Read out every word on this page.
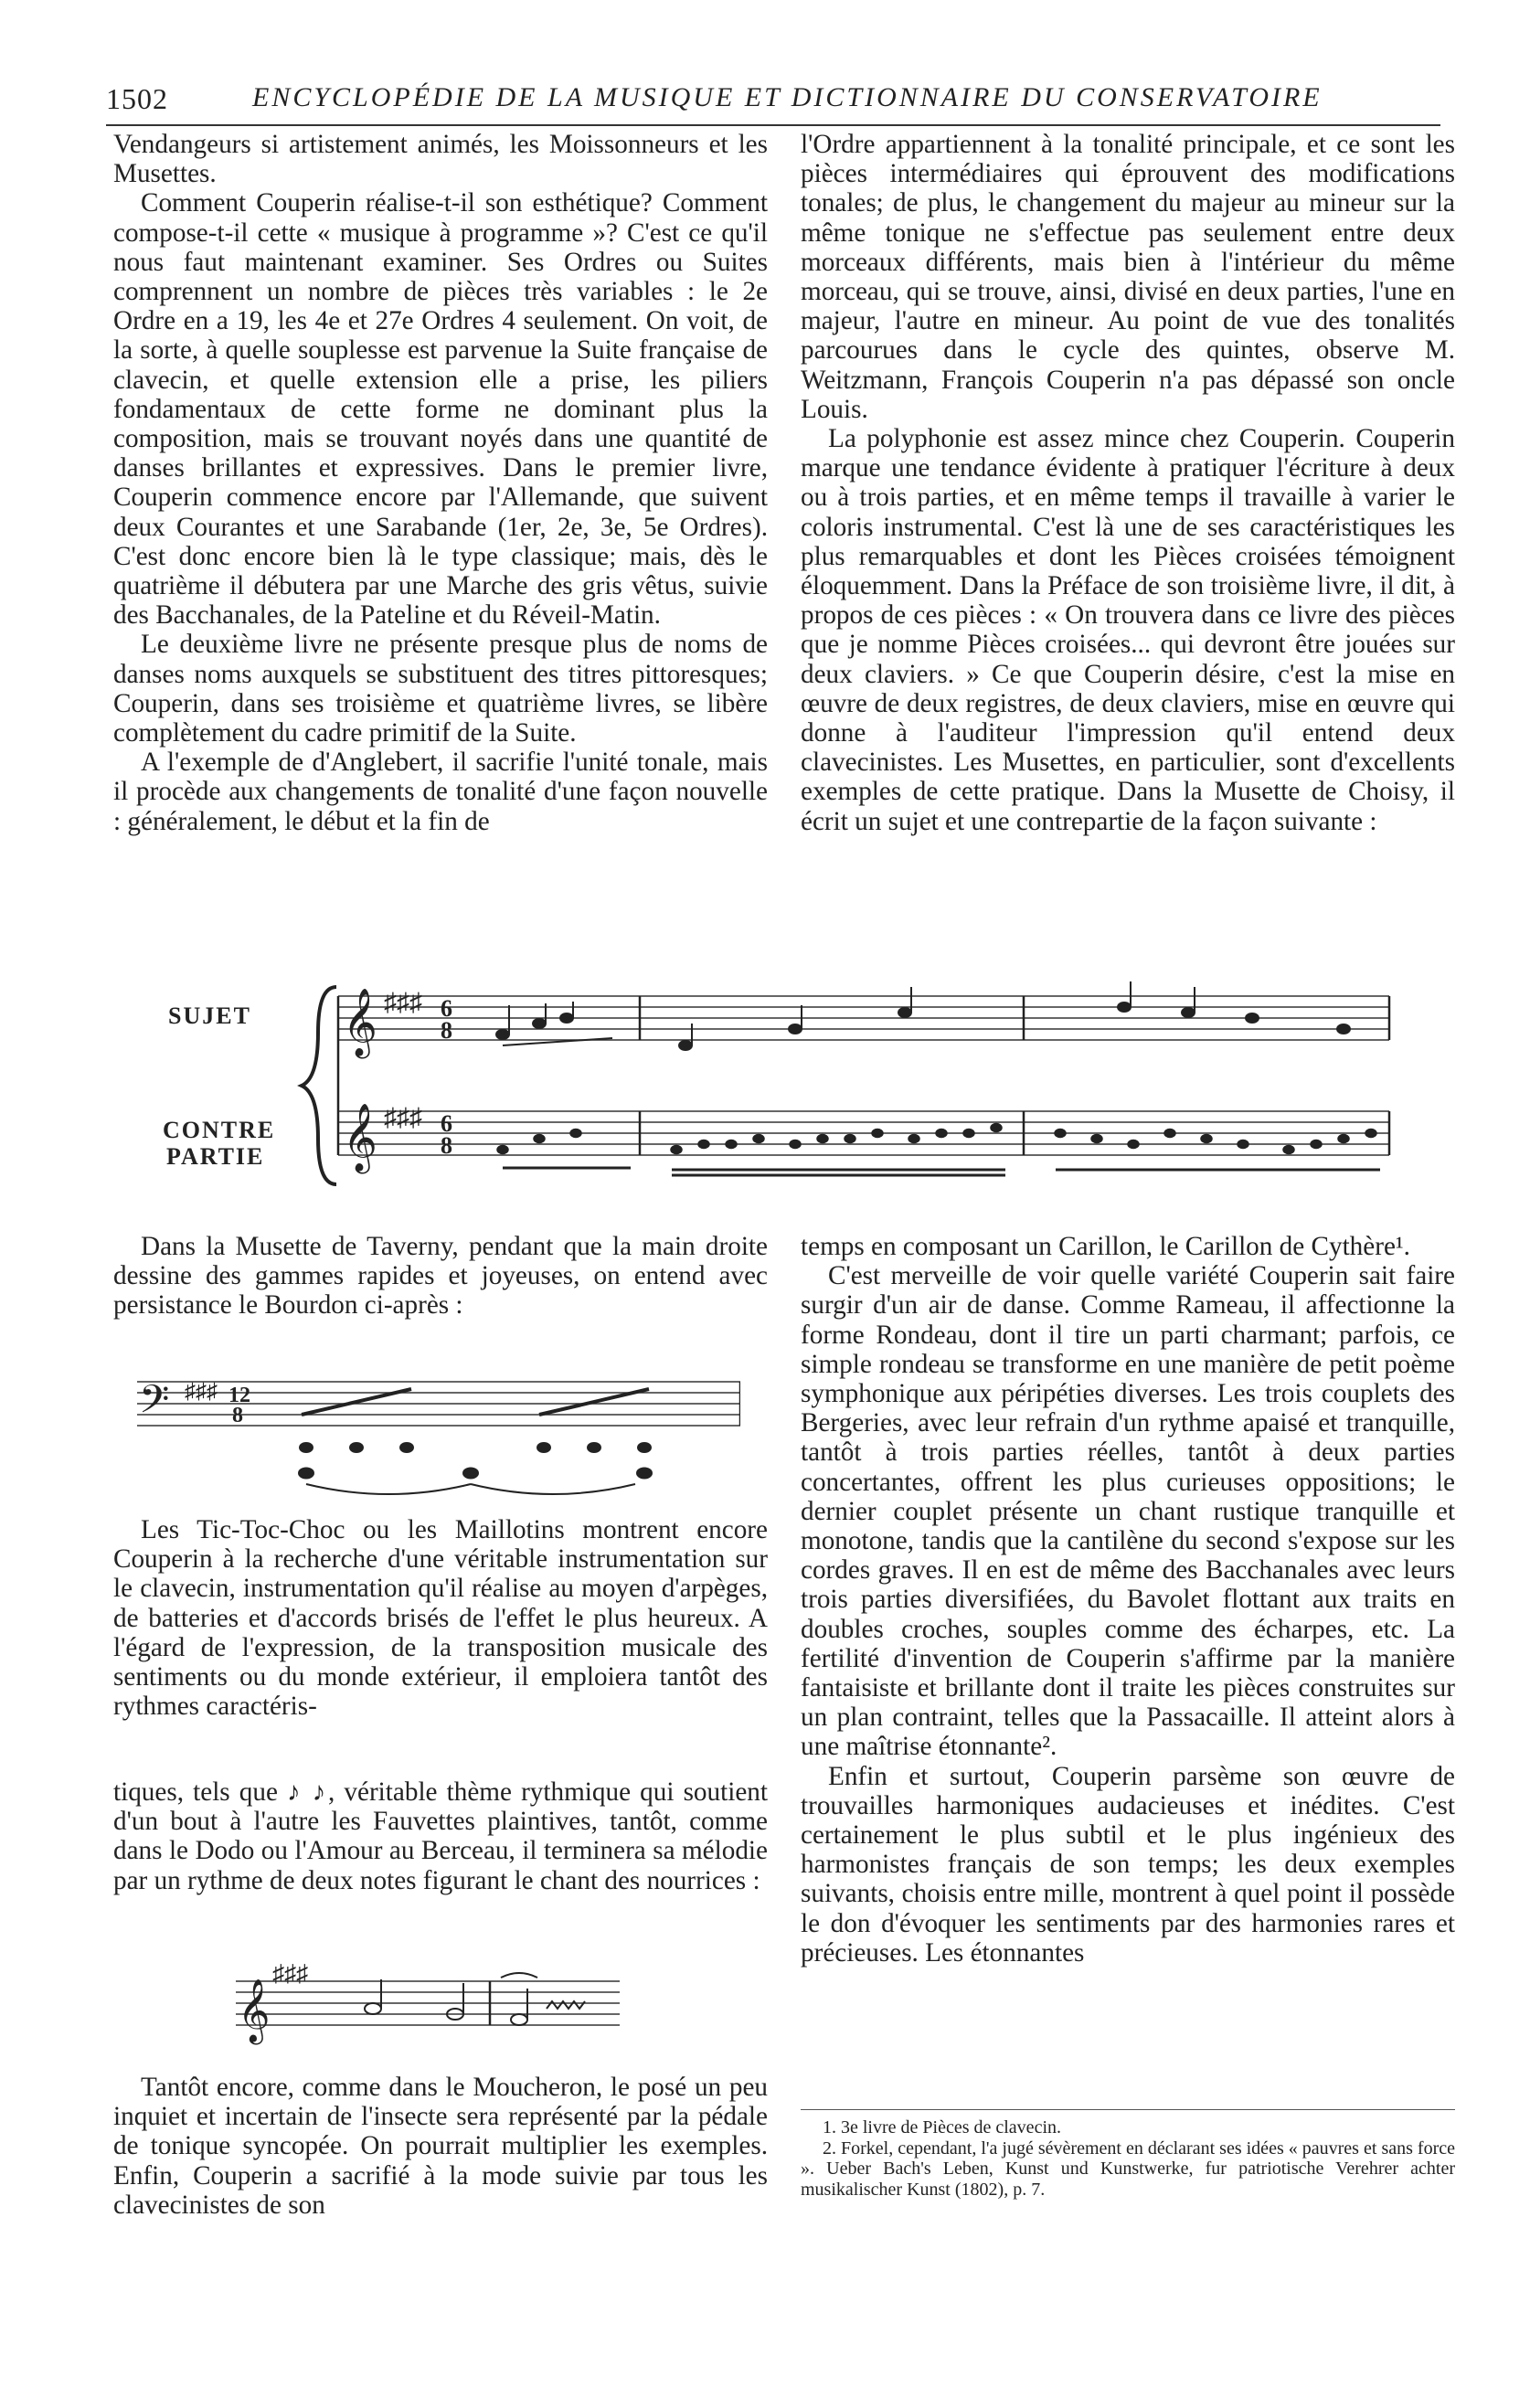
1502	ENCYCLOPÉDIE DE LA MUSIQUE ET DICTIONNAIRE DU CONSERVATOIRE

Vendangeurs si artistement animés, les Moissonneurs et les Musettes.

Comment Couperin réalise-t-il son esthétique? Comment compose-t-il cette « musique à programme »? C'est ce qu'il nous faut maintenant examiner. Ses Ordres ou Suites comprennent un nombre de pièces très variables : le 2e Ordre en a 19, les 4e et 27e Ordres 4 seulement. On voit, de la sorte, à quelle souplesse est parvenue la Suite française de clavecin, et quelle extension elle a prise, les piliers fondamentaux de cette forme ne dominant plus la composition, mais se trouvant noyés dans une quantité de danses brillantes et expressives. Dans le premier livre, Couperin commence encore par l'Allemande, que suivent deux Courantes et une Sarabande (1er, 2e, 3e, 5e Ordres). C'est donc encore bien là le type classique; mais, dès le quatrième il débutera par une Marche des gris vêtus, suivie des Bacchanales, de la Pateline et du Réveil-Matin.

Le deuxième livre ne présente presque plus de noms de danses noms auxquels se substituent des titres pittoresques; Couperin, dans ses troisième et quatrième livres, se libère complètement du cadre primitif de la Suite.

A l'exemple de d'Anglebert, il sacrifie l'unité tonale, mais il procède aux changements de tonalité d'une façon nouvelle : généralement, le début et la fin de

l'Ordre appartiennent à la tonalité principale, et ce sont les pièces intermédiaires qui éprouvent des modifications tonales; de plus, le changement du majeur au mineur sur la même tonique ne s'effectue pas seulement entre deux morceaux différents, mais bien à l'intérieur du même morceau, qui se trouve, ainsi, divisé en deux parties, l'une en majeur, l'autre en mineur. Au point de vue des tonalités parcourues dans le cycle des quintes, observe M. Weitzmann, François Couperin n'a pas dépassé son oncle Louis.

La polyphonie est assez mince chez Couperin. Couperin marque une tendance évidente à pratiquer l'écriture à deux ou à trois parties, et en même temps il travaille à varier le coloris instrumental. C'est là une de ses caractéristiques les plus remarquables et dont les Pièces croisées témoignent éloquemment. Dans la Préface de son troisième livre, il dit, à propos de ces pièces : « On trouvera dans ce livre des pièces que je nomme Pièces croisées... qui devront être jouées sur deux claviers. » Ce que Couperin désire, c'est la mise en œuvre de deux registres, de deux claviers, mise en œuvre qui donne à l'auditeur l'impression qu'il entend deux clavecinistes. Les Musettes, en particulier, sont d'excellents exemples de cette pratique. Dans la Musette de Choisy, il écrit un sujet et une contrepartie de la façon suivante :

SUJET
CONTRE
PARTIE
𝄞
𝄞
♯♯♯
♯♯♯
6
8
6
8

Dans la Musette de Taverny, pendant que la main droite dessine des gammes rapides et joyeuses, on entend avec persistance le Bourdon ci-après :

𝄢 ♯♯♯ 12
8

Les Tic-Toc-Choc ou les Maillotins montrent encore Couperin à la recherche d'une véritable instrumentation sur le clavecin, instrumentation qu'il réalise au moyen d'arpèges, de batteries et d'accords brisés de l'effet le plus heureux. A l'égard de l'expression, de la transposition musicale des sentiments ou du monde extérieur, il emploiera tantôt des rythmes caractéris-

tiques, tels que ♪ ♪, véritable thème rythmique qui soutient d'un bout à l'autre les Fauvettes plaintives, tantôt, comme dans le Dodo ou l'Amour au Berceau, il terminera sa mélodie par un rythme de deux notes figurant le chant des nourrices :

𝄞
♯♯♯

Tantôt encore, comme dans le Moucheron, le posé un peu inquiet et incertain de l'insecte sera représenté par la pédale de tonique syncopée. On pourrait multiplier les exemples. Enfin, Couperin a sacrifié à la mode suivie par tous les clavecinistes de son

temps en composant un Carillon, le Carillon de Cythère¹.

C'est merveille de voir quelle variété Couperin sait faire surgir d'un air de danse. Comme Rameau, il affectionne la forme Rondeau, dont il tire un parti charmant; parfois, ce simple rondeau se transforme en une manière de petit poème symphonique aux péripéties diverses. Les trois couplets des Bergeries, avec leur refrain d'un rythme apaisé et tranquille, tantôt à trois parties réelles, tantôt à deux parties concertantes, offrent les plus curieuses oppositions; le dernier couplet présente un chant rustique tranquille et monotone, tandis que la cantilène du second s'expose sur les cordes graves. Il en est de même des Bacchanales avec leurs trois parties diversifiées, du Bavolet flottant aux traits en doubles croches, souples comme des écharpes, etc. La fertilité d'invention de Couperin s'affirme par la manière fantaisiste et brillante dont il traite les pièces construites sur un plan contraint, telles que la Passacaille. Il atteint alors à une maîtrise étonnante².

Enfin et surtout, Couperin parsème son œuvre de trouvailles harmoniques audacieuses et inédites. C'est certainement le plus subtil et le plus ingénieux des harmonistes français de son temps; les deux exemples suivants, choisis entre mille, montrent à quel point il possède le don d'évoquer les sentiments par des harmonies rares et précieuses. Les étonnantes

1. 3e livre de Pièces de clavecin.

2. Forkel, cependant, l'a jugé sévèrement en déclarant ses idées « pauvres et sans force ». Ueber Bach's Leben, Kunst und Kunstwerke, fur patriotische Verehrer achter musikalischer Kunst (1802), p. 7.
